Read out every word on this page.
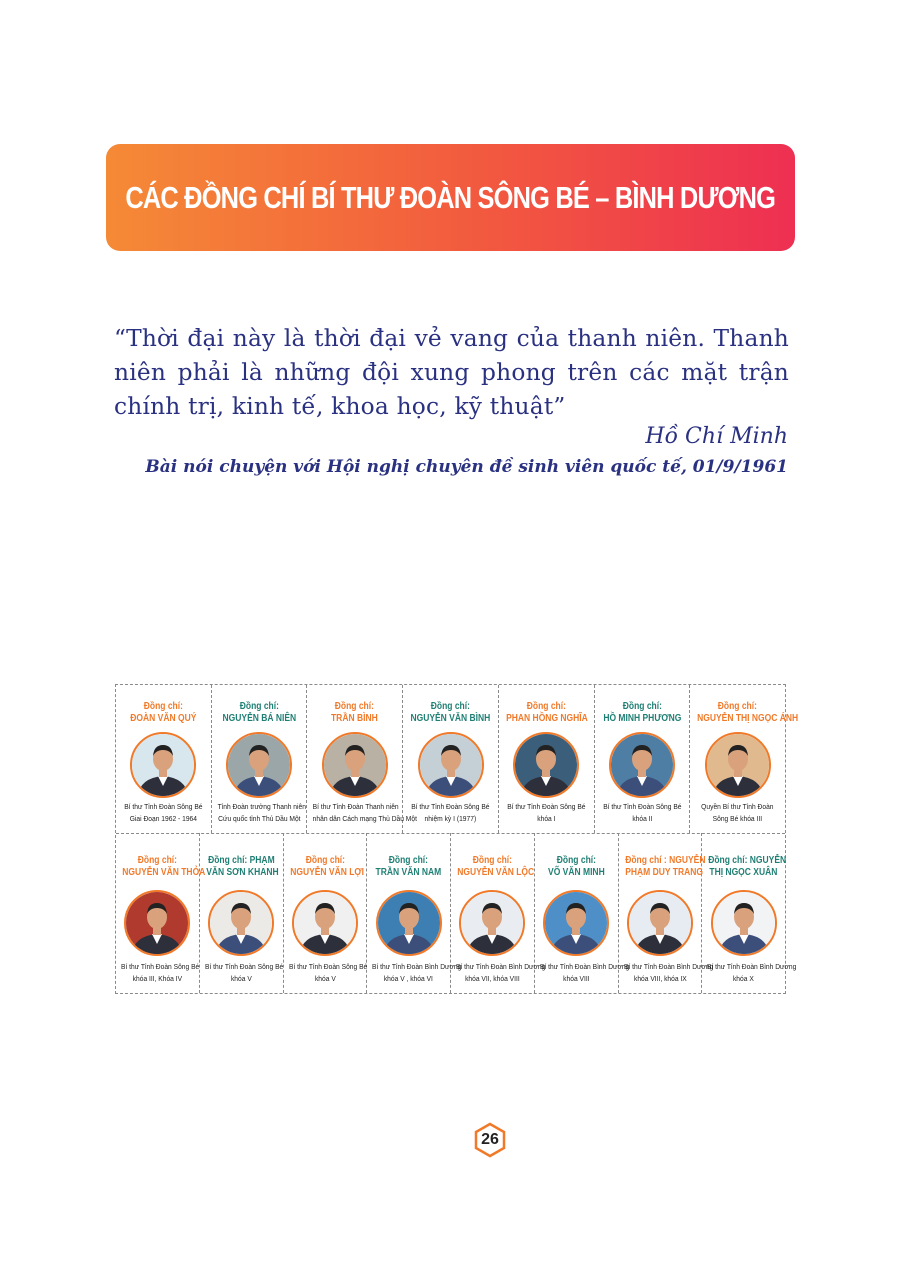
CÁC ĐỒNG CHÍ BÍ THƯ ĐOÀN SÔNG BÉ – BÌNH DƯƠNG

“Thời đại này là thời đại vẻ vang của thanh niên. Thanh niên phải là những đội xung phong trên các mặt trận chính trị, kinh tế, khoa học, kỹ thuật”

Hồ Chí Minh
Bài nói chuyện với Hội nghị chuyên đề sinh viên quốc tế, 01/9/1961
Đồng chí:
ĐOÀN VĂN QUÝ
Bí thư Tỉnh Đoàn Sông Bé
Giai Đoạn 1962 - 1964
Đồng chí:
NGUYỄN BÁ NIÊN
Tỉnh Đoàn trưởng Thanh niên
Cứu quốc tỉnh Thủ Dầu Một
Đồng chí:
TRẦN BÌNH
Bí thư Tỉnh Đoàn Thanh niên
nhân dân Cách mạng Thủ Dầu Một
Đồng chí:
NGUYỄN VĂN BÌNH
Bí thư Tỉnh Đoàn Sông Bé
nhiệm kỳ I (1977)
Đồng chí:
PHAN HỒNG NGHĨA
Bí thư Tỉnh Đoàn Sông Bé
khóa I
Đồng chí:
HỒ MINH PHƯƠNG
Bí thư Tỉnh Đoàn Sông Bé
khóa II
Đồng chí:
NGUYỄN THỊ NGỌC ÁNH
Quyền Bí thư Tỉnh Đoàn
Sông Bé khóa III
Đồng chí:
NGUYỄN VĂN THỎA
Bí thư Tỉnh Đoàn Sông Bé
khóa III, Khóa IV
Đồng chí: PHẠM
VĂN SƠN KHANH
Bí thư Tỉnh Đoàn Sông Bé
khóa V
Đồng chí:
NGUYỄN VĂN LỢI
Bí thư Tỉnh Đoàn Sông Bé
khóa V
Đồng chí:
TRẦN VĂN NAM
Bí thư Tỉnh Đoàn Bình Dương
khóa V , khóa VI
Đồng chí:
NGUYỄN VĂN LỘC
Bí thư Tỉnh Đoàn Bình Dương
khóa VII, khóa VIII
Đồng chí:
VÕ VĂN MINH
Bí thư Tỉnh Đoàn Bình Dương
khóa VIII
Đồng chí : NGUYỄN
PHẠM DUY TRANG
Bí thư Tỉnh Đoàn Bình Dương
khóa VIII, khóa IX
Đồng chí: NGUYỄN
THỊ NGỌC XUÂN
Bí thư Tỉnh Đoàn Bình Dương
khóa X
26
